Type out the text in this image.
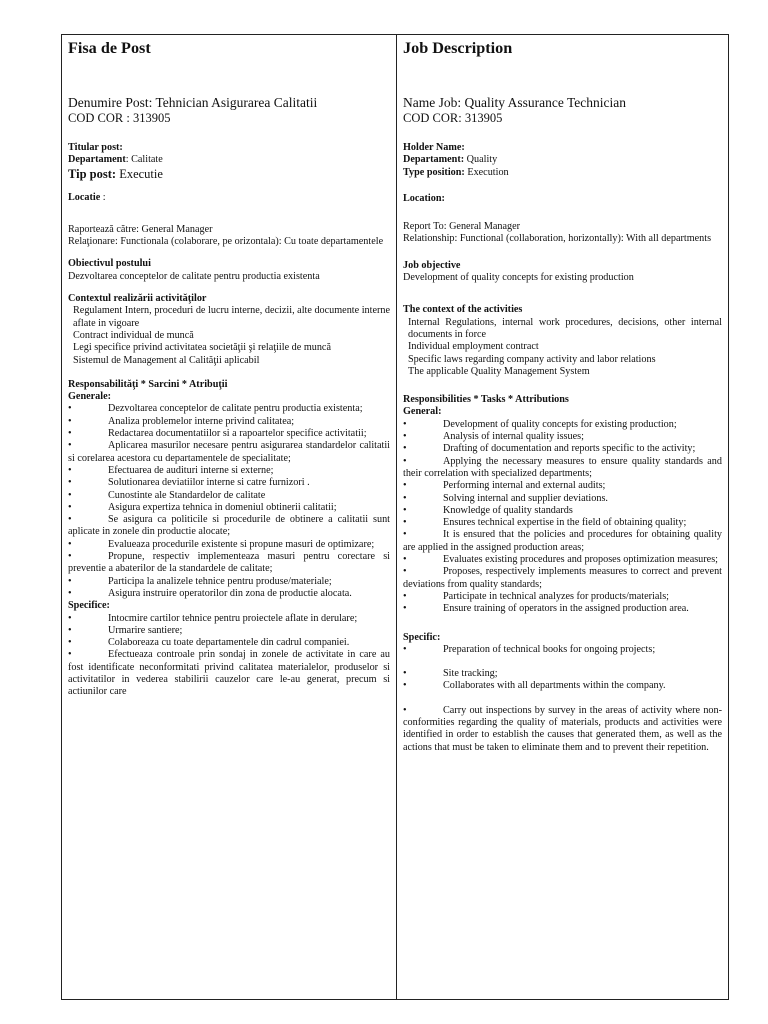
Fisa de Post
Denumire Post: Tehnician Asigurarea Calitatii
COD COR : 313905

Titular post:

Departament: Calitate

Tip post: Executie

Locatie :

Raportează către: General Manager

Relaţionare: Functionala (colaborare, pe orizontala): Cu toate departamentele

Obiectivul postului

Dezvoltarea conceptelor de calitate pentru productia existenta

Contextul realizării activităţilor

Regulament Intern, proceduri de lucru interne, decizii, alte documente interne aflate in vigoare

Contract individual de muncă

Legi specifice privind activitatea societăţii şi relaţiile de muncă

Sistemul de Management al Calităţii aplicabil

Responsabilităţi * Sarcini * Atribuţii

Generale:

•	Dezvoltarea conceptelor de calitate pentru productia existenta;

•	Analiza problemelor interne privind calitatea;

•	Redactarea documentatiilor si a rapoartelor specifice activitatii;

•	Aplicarea masurilor necesare pentru asigurarea standardelor calitatii si corelarea acestora cu departamentele de specialitate;

•	Efectuarea de audituri interne si externe;

•	Solutionarea deviatiilor interne si catre furnizori .

•	Cunostinte ale Standardelor de calitate

•	Asigura expertiza tehnica in domeniul obtinerii calitatii;

•	Se asigura ca politicile si procedurile de obtinere a calitatii sunt aplicate in zonele din productie alocate;

•	Evalueaza procedurile existente si propune masuri de optimizare;

•	Propune, respectiv implementeaza masuri pentru corectare si preventie a abaterilor de la standardele de calitate;

•	Participa la analizele tehnice pentru produse/materiale;

•	Asigura instruire operatorilor din zona de productie alocata.

Specifice:

•	Intocmire cartilor tehnice pentru proiectele aflate in derulare;

•	Urmarire santiere;

•	Colaboreaza cu toate departamentele din cadrul companiei.

•	Efectueaza controale prin sondaj in zonele de activitate in care au fost identificate neconformitati privind calitatea materialelor, produselor si activitatilor in vederea stabilirii cauzelor care le-au generat, precum si actiunilor care

Job Description
Name Job: Quality Assurance Technician
COD COR: 313905

Holder Name:

Departament: Quality

Type position: Execution

Location:

Report To: General Manager

Relationship: Functional (collaboration, horizontally): With all departments

Job objective

Development of quality concepts for existing production

The context of the activities

Internal Regulations, internal work procedures, decisions, other internal documents in force

Individual employment contract

Specific laws regarding company activity and labor relations

The applicable Quality Management System

Responsibilities * Tasks * Attributions

General:

•	Development of quality concepts for existing production;

•	Analysis of internal quality issues;

•	Drafting of documentation and reports specific to the activity;

•	Applying the necessary measures to ensure quality standards and their correlation with specialized departments;

•	Performing internal and external audits;

•	Solving internal and supplier deviations.

•	Knowledge of quality standards

•	Ensures technical expertise in the field of obtaining quality;

•	It is ensured that the policies and procedures for obtaining quality are applied in the assigned production areas;

•	Evaluates existing procedures and proposes optimization measures;

•	Proposes, respectively implements measures to correct and prevent deviations from quality standards;

•	Participate in technical analyzes for products/materials;

•	Ensure training of operators in the assigned production area.

Specific:

•	Preparation of technical books for ongoing projects;

•	Site tracking;

•	Collaborates with all departments within the company.

•	Carry out inspections by survey in the areas of activity where non-conformities regarding the quality of materials, products and activities were identified in order to establish the causes that generated them, as well as the actions that must be taken to eliminate them and to prevent their repetition.
